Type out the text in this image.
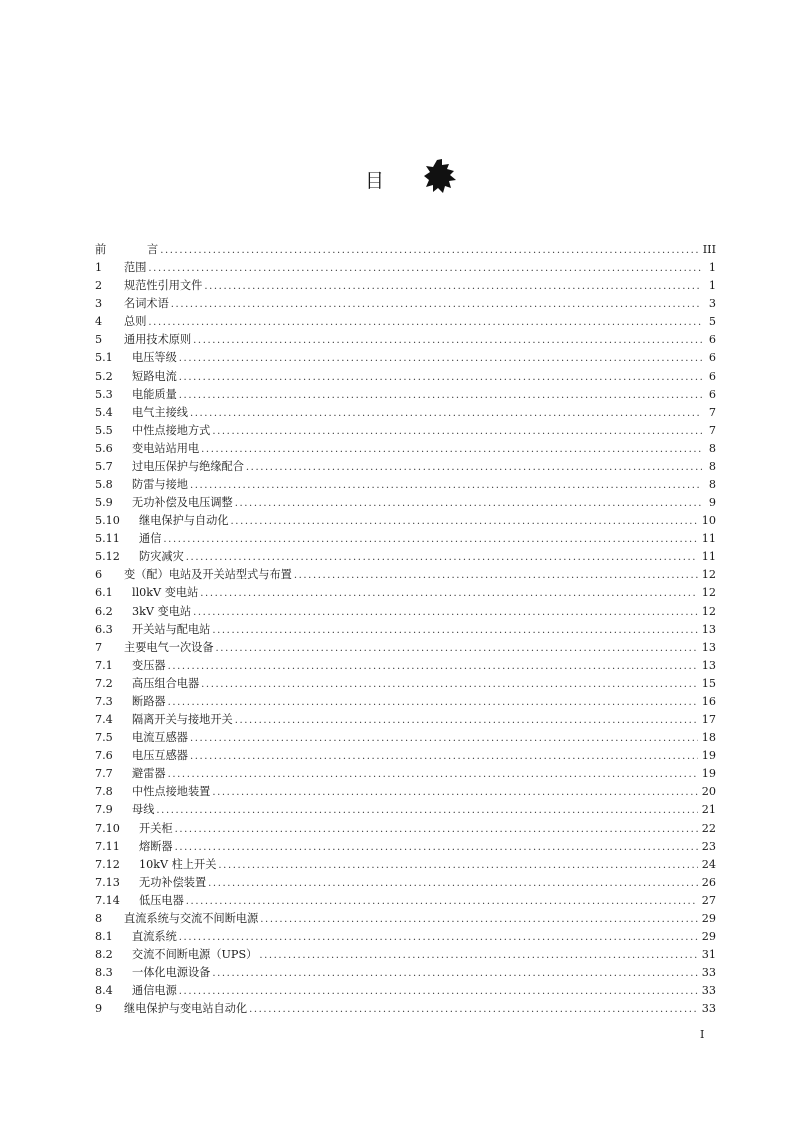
目
前	言 .....	III
1	范围 .....	1
2	规范性引用文件 .....	1
3	名词术语 .....	3
4	总则 .....	5
5	通用技术原则 .....	6
5.1	电压等级 .....	6
5.2	短路电流 .....	6
5.3	电能质量 .....	6
5.4	电气主接线 .....	7
5.5	中性点接地方式 .....	7
5.6	变电站站用电 .....	8
5.7	过电压保护与绝缘配合 .....	8
5.8	防雷与接地 .....	8
5.9	无功补偿及电压调整 .....	9
5.10	继电保护与自动化 .....	10
5.11	通信 .....	11
5.12	防灾减灾 .....	11
6	变（配）电站及开关站型式与布置 .....	12
6.1	ll0kV 变电站 .....	12
6.2	3kV 变电站 .....	12
6.3	开关站与配电站 .....	13
7	主要电气一次设备 .....	13
7.1	变压器 .....	13
7.2	高压组合电器 .....	15
7.3	断路器 .....	16
7.4	隔离开关与接地开关 .....	17
7.5	电流互感器 .....	18
7.6	电压互感器 .....	19
7.7	避雷器 .....	19
7.8	中性点接地装置 .....	20
7.9	母线 .....	21
7.10	开关柜 .....	22
7.11	熔断器 .....	23
7.12	10kV 柱上开关 .....	24
7.13	无功补偿装置 .....	26
7.14	低压电器 .....	27
8	直流系统与交流不间断电源 .....	29
8.1	直流系统 .....	29
8.2	交流不间断电源（UPS） .....	31
8.3	一体化电源设备 .....	33
8.4	通信电源 .....	33
9	继电保护与变电站自动化 .....	33
I
